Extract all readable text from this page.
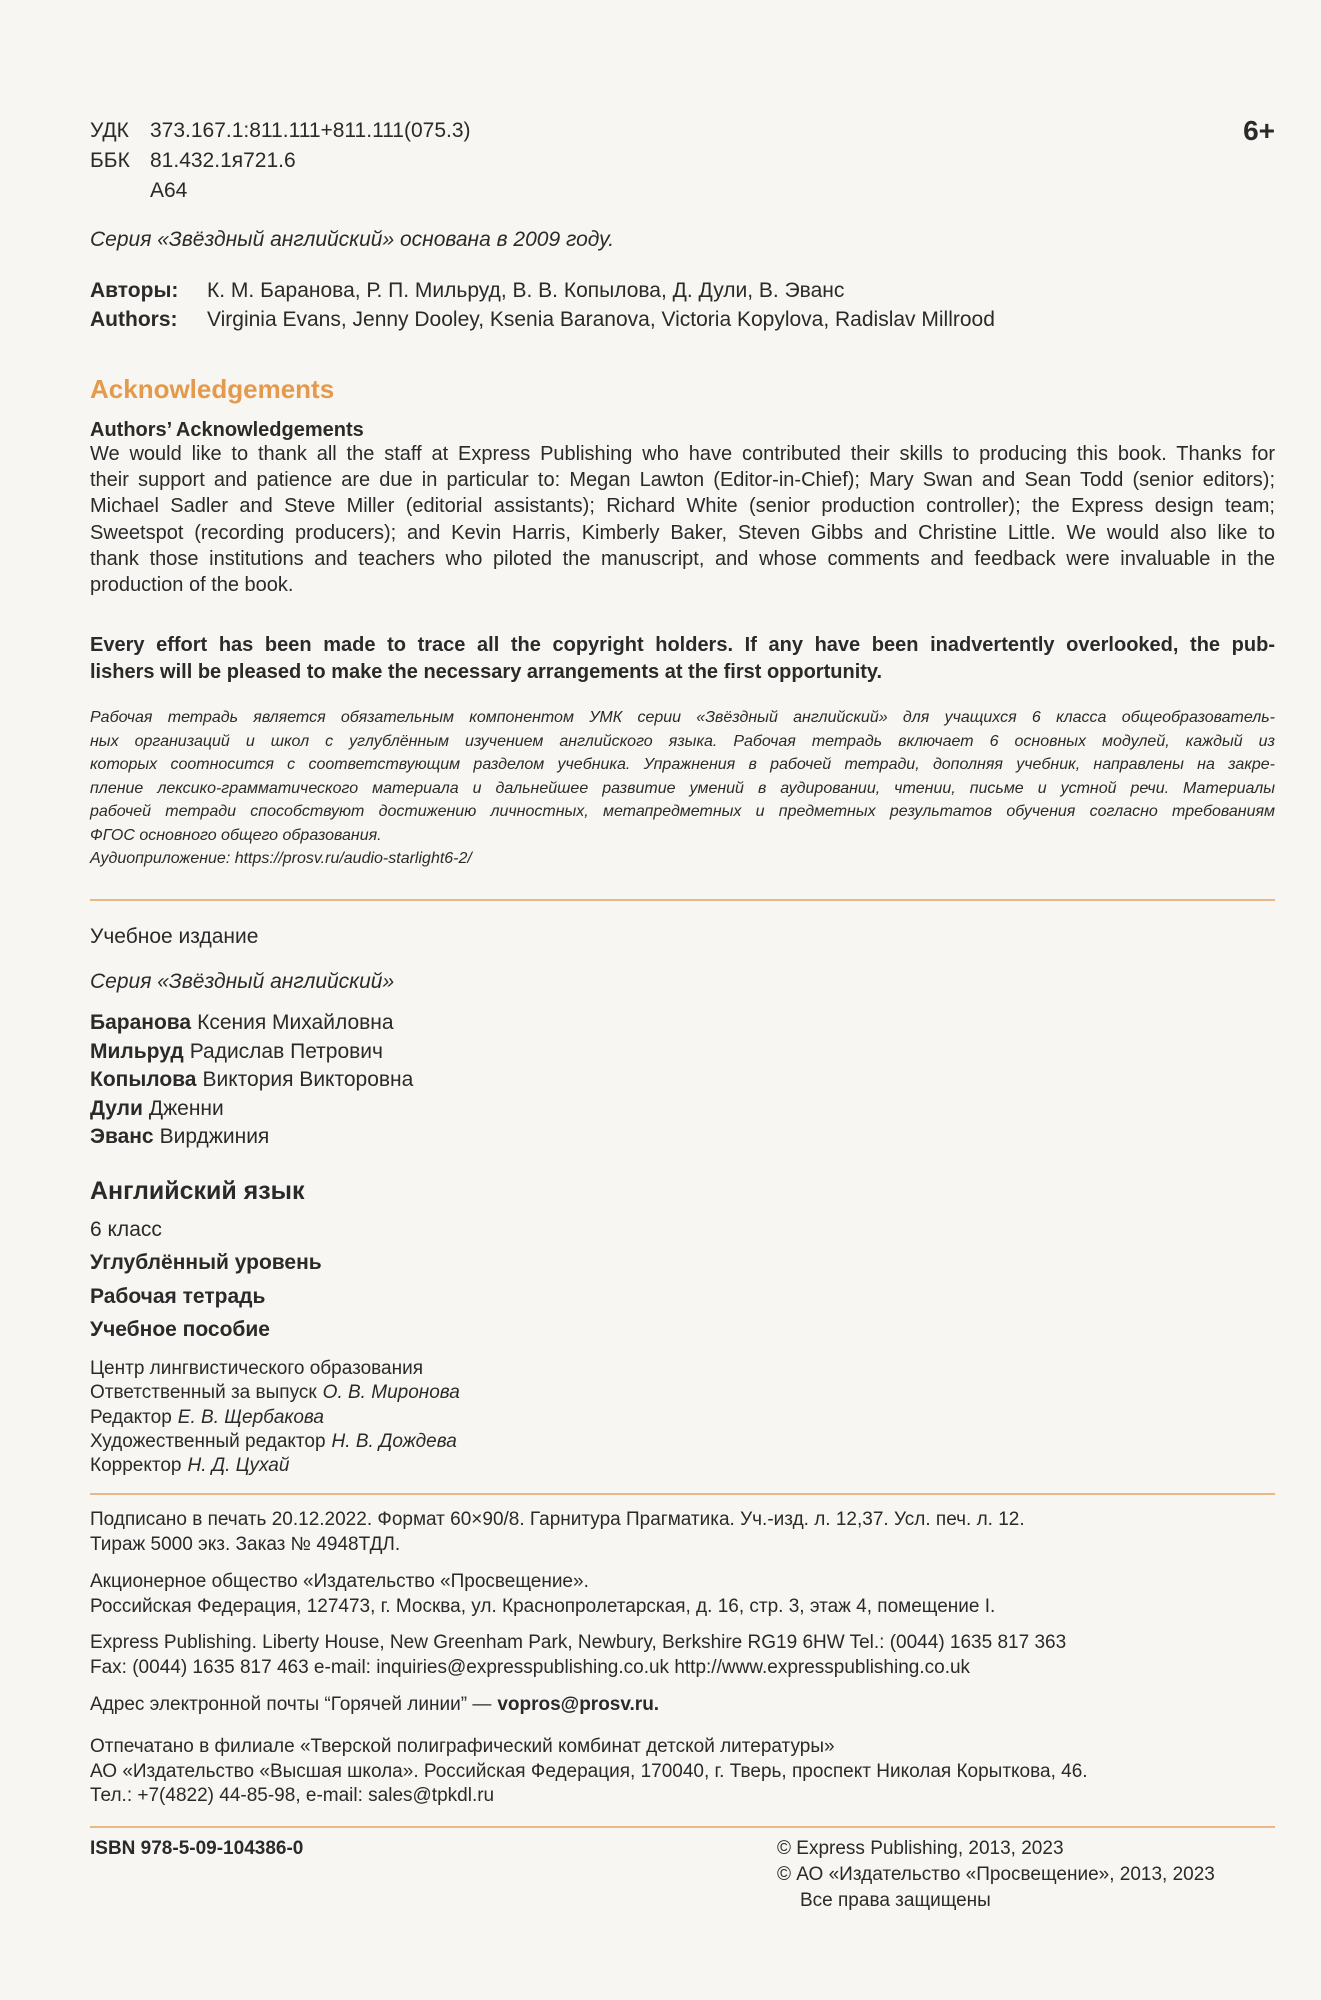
УДК	373.167.1:811.111+811.111(075.3)
ББК 81.432.1я721.6
А64
6+
Серия «Звёздный английский» основана в 2009 году.
Авторы:	К. М. Баранова, Р. П. Мильруд, В. В. Копылова, Д. Дули, В. Эванс
Authors:	Virginia Evans, Jenny Dooley, Ksenia Baranova, Victoria Kopylova, Radislav Millrood
Acknowledgements
Authors’ Acknowledgements
We would like to thank all the staff at Express Publishing who have contributed their skills to producing this book. Thanks for
their support and patience are due in particular to: Megan Lawton (Editor-in-Chief); Mary Swan and Sean Todd (senior editors);
Michael Sadler and Steve Miller (editorial assistants); Richard White (senior production controller); the Express design team;
Sweetspot (recording producers); and Kevin Harris, Kimberly Baker, Steven Gibbs and Christine Little. We would also like to
thank those institutions and teachers who piloted the manuscript, and whose comments and feedback were invaluable in the
production of the book.
Every effort has been made to trace all the copyright holders. If any have been inadvertently overlooked, the pub-
lishers will be pleased to make the necessary arrangements at the first opportunity.
Рабочая тетрадь является обязательным компонентом УМК серии «Звёздный английский» для учащихся 6 класса общеобразователь-
ных организаций и школ с углублённым изучением английского языка. Рабочая тетрадь включает 6 основных модулей, каждый из
которых соотносится с соответствующим разделом учебника. Упражнения в рабочей тетради, дополняя учебник, направлены на закре-
пление лексико-грамматического материала и дальнейшее развитие умений в аудировании, чтении, письме и устной речи. Материалы
рабочей тетради способствуют достижению личностных, метапредметных и предметных результатов обучения согласно требованиям
ФГОС основного общего образования.
Аудиоприложение: https://prosv.ru/audio-starlight6-2/
Учебное издание
Серия «Звёздный английский»
Баранова Ксения Михайловна
Мильруд Радислав Петрович
Копылова Виктория Викторовна
Дули Дженни
Эванс Вирджиния
Английский язык
6 класс
Углублённый уровень
Рабочая тетрадь
Учебное пособие
Центр лингвистического образования
Ответственный за выпуск О. В. Миронова
Редактор Е. В. Щербакова
Художественный редактор Н. В. Дождева
Корректор Н. Д. Цухай
Подписано в печать 20.12.2022. Формат 60×90/8. Гарнитура Прагматика. Уч.-изд. л. 12,37. Усл. печ. л. 12.
Тираж 5000 экз. Заказ № 4948ТДЛ.
Акционерное общество «Издательство «Просвещение».
Российская Федерация, 127473, г. Москва, ул. Краснопролетарская, д. 16, стр. 3, этаж 4, помещение I.
Express Publishing. Liberty House, New Greenham Park, Newbury, Berkshire RG19 6HW Tel.: (0044) 1635 817 363
Fax: (0044) 1635 817 463 e-mail: inquiries@expresspublishing.co.uk http://www.expresspublishing.co.uk
Адрес электронной почты “Горячей линии” — vopros@prosv.ru.
Отпечатано в филиале «Тверской полиграфический комбинат детской литературы»
АО «Издательство «Высшая школа». Российская Федерация, 170040, г. Тверь, проспект Николая Корыткова, 46.
Тел.: +7(4822) 44-85-98, e-mail: sales@tpkdl.ru
ISBN 978-5-09-104386-0	© Express Publishing, 2013, 2023
© АО «Издательство «Просвещение», 2013, 2023
Все права защищены
